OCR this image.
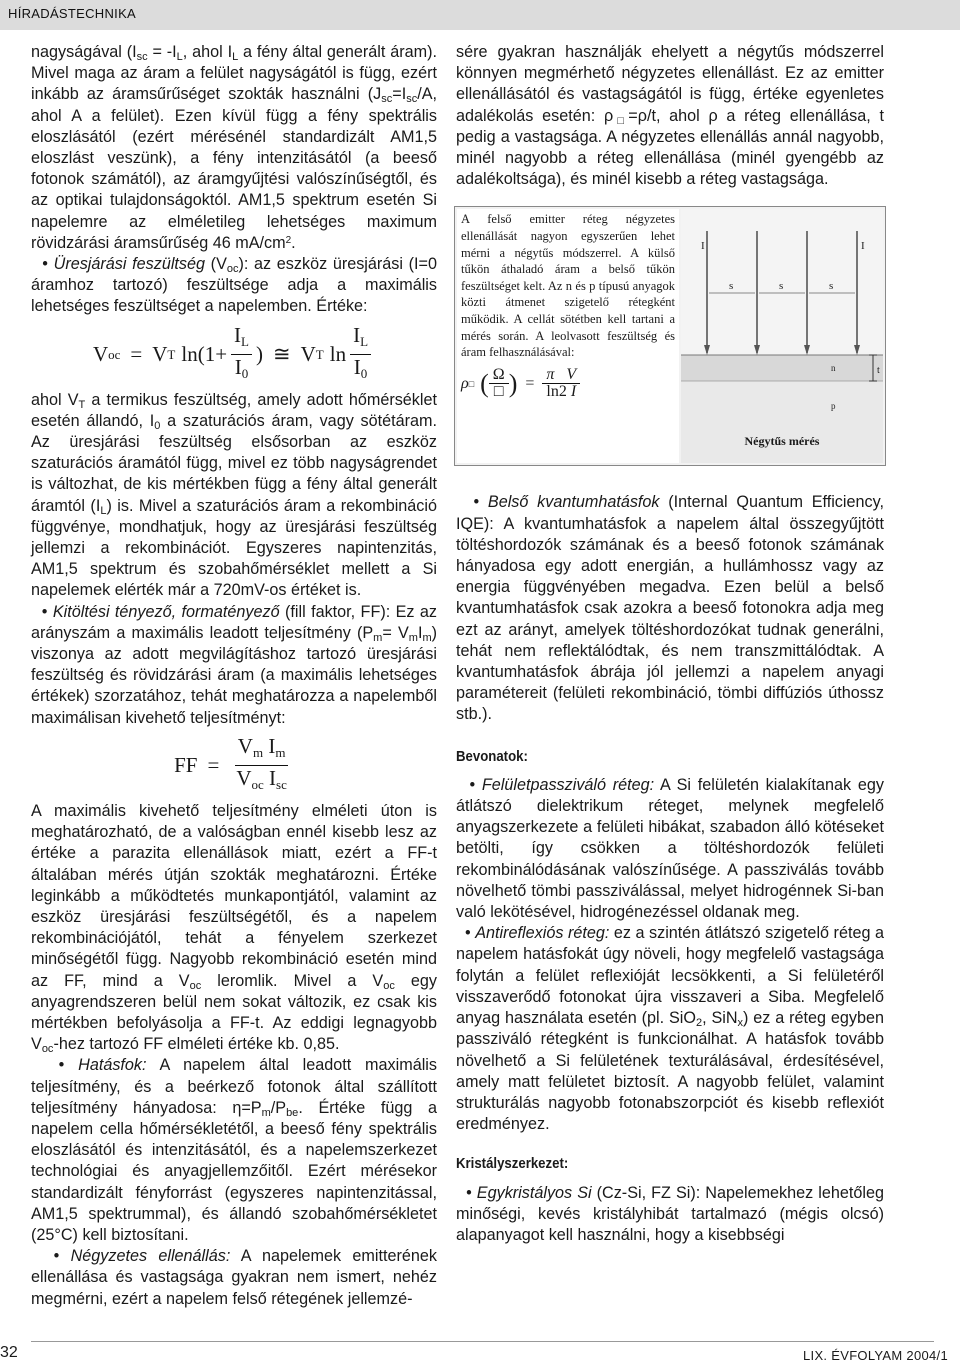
HÍRADÁSTECHNIKA

nagyságával ($I_{sc} = -I_L$, ahol $I_L$ a fény által generált áram). Mivel maga az áram a felület nagyságától is függ, ezért inkább az áramsűrűséget szokták használni ($J_{sc}=I_{sc}/A$, ahol A a felület). Ezen kívül függ a fény spektrális eloszlásától (ezért mérésénél standardizált AM1,5 eloszlást veszünk), a fény intenzitásától (a beeső fotonok számától), az áramgyűjtési valószínűségtől, és az optikai tulajdonságoktól. AM1,5 spektrum esetén Si napelemre az elméletileg lehetséges maximum rövidzárási áramsűrűség 46 $mA/cm^2$.

• Üresjárási feszültség $(V_{oc})$: az eszköz üresjárási (I=0 áramhoz tartozó) feszültsége adja a maximális lehetséges feszültséget a napelemben. Értéke:

V oc = V T $\ln(1+ \frac{IL}{I0}$ ) ≅ V T $\ln \frac{IL}{I0}$

ahol $V_T$ a termikus feszültség, amely adott hőmérséklet esetén állandó, $I_0$ a szaturációs áram, vagy sötétáram. Az üresjárási feszültség elsősorban az eszköz szaturációs áramától függ, mivel ez több nagyságrendet is változhat, de kis mértékben függ a fény által generált áramtól $(I_L)$ is. Mivel a szaturációs áram a rekombináció függvénye, mondhatjuk, hogy az üresjárási feszültség jellemzi a rekombinációt. Egyszeres napintenzitás, AM1,5 spektrum és szobahőmérséklet mellett a Si napelemek elérték már a 720mV-os értéket is.

• Kitöltési tényező, formatényező (fill faktor, FF): Ez az arányszám a maximális leadott teljesítmény $(P_m= V_mI_m)$ viszonya az adott megvilágításhoz tartozó üresjárási feszültség és rövidzárási áram (a maximális lehetséges értékek) szorzatához, tehát meghatározza a napelemből maximálisan kivehető teljesítményt:

FF = $\frac{\text{Vm Im}}{\text{Voc Isc}}$

A maximális kivehető teljesítmény elméleti úton is meghatározható, de a valóságban ennél kisebb lesz az értéke a parazita ellenállások miatt, ezért a FF-t általában mérés útján szokták meghatározni. Értéke leginkább a működtetés munkapontjától, valamint az eszköz üresjárási feszültségétől, és a napelem rekombinációjától, tehát a fényelem szerkezet minőségétől függ. Nagyobb rekombináció esetén mind az FF, mind a $V_{oc}$ leromlik. Mivel a $V_{oc}$ egy anyagrendszeren belül nem sokat változik, ez csak kis mértékben befolyásolja a FF-t. Az eddigi legnagyobb $V_{oc}$-hez tartozó FF elméleti értéke kb. 0,85.

• Hatásfok: A napelem által leadott maximális teljesítmény, és a beérkező fotonok által szállított teljesítmény hányadosa: $\eta=P_m/P_{be}$. Értéke függ a napelem cella hőmérsékletétől, a beeső fény spektrális eloszlásától és intenzitásától, és a napelemszerkezet technológiai és anyagjellemzőitől. Ezért mérésekor standardizált fényforrást (egyszeres napintenzitással, AM1,5 spektrummal), és állandó szobahőmérsékletet (25°C) kell biztosítani.

• Négyzetes ellenállás: A napelemek emitterének ellenállása és vastagsága gyakran nem ismert, nehéz megmérni, ezért a napelem felső rétegének jellemzé-

sére gyakran használják ehelyett a négytűs módszerrel könnyen megmérhető négyzetes ellenállást. Ez az emitter ellenállásától és vastagságától is függ, értéke egyenletes adalékolás esetén: $\rho_□=\rho/t$, ahol ρ a réteg ellenállása, t pedig a vastagsága. A négyzetes ellenállás annál nagyobb, minél nagyobb a réteg ellenállása (minél gyengébb az adalékoltsága), és minél kisebb a réteg vastagsága.

A felső emitter réteg négyzetes ellenállását nagyon egyszerűen lehet mérni a négytűs módszerrel. A külső tűkön áthaladó áram a belső tűkön feszültséget kelt. Az n és p típusú anyagok közti átmenet szigetelő rétegként működik. A cellát sötétben kell tartani a mérés során. A leolvasott feszültség és áram felhasználásával:
ρ □ ( Ω
□ ) = $\frac{\text{π V}}{\ln 2 I}$
I
s	s	s
I
n
p
t
Négytűs mérés

• Belső kvantumhatásfok (Internal Quantum Efficiency, IQE): A kvantumhatásfok a napelem által összegyűjtött töltéshordozók számának és a beeső fotonok számának hányadosa egy adott energián, a hullámhossz vagy az energia függvényében megadva. Ezen belül a belső kvantumhatásfok csak azokra a beeső fotonokra adja meg ezt az arányt, amelyek töltéshordozókat tudnak generálni, tehát nem reflektálódtak, és nem transzmittálódtak. A kvantumhatásfok ábrája jól jellemzi a napelem anyagi paramétereit (felületi rekombináció, tömbi diffúziós úthossz stb.).

Bevonatok:

• Felületpassziváló réteg: A Si felületén kialakítanak egy átlátszó dielektrikum réteget, melynek megfelelő anyagszerkezete a felületi hibákat, szabadon álló kötéseket betölti, így csökken a töltéshordozók felületi rekombinálódásának valószínűsége. A passziválás tovább növelhető tömbi passziválással, melyet hidrogénnek Si-ban való lekötésével, hidrogénezéssel oldanak meg.

• Antireflexiós réteg: ez a szintén átlátszó szigetelő réteg a napelem hatásfokát úgy növeli, hogy megfelelő vastagsága folytán a felület reflexióját lecsökkenti, a Si felületéről visszaverődő fotonokat újra visszaveri a Siba. Megfelelő anyag használata esetén (pl. SiO$_2$, SiN$_x$) ez a réteg egyben passziváló rétegként is funkcionálhat. A hatásfok tovább növelhető a Si felületének texturálásával, érdesítésével, amely matt felületet biztosít. A nagyobb felület, valamint strukturálás nagyobb fotonabszorpciót és kisebb reflexiót eredményez.

Kristályszerkezet:

• Egykristályos Si (Cz-Si, FZ Si): Napelemekhez lehetőleg minőségi, kevés kristályhibát tartalmazó (mégis olcsó) alapanyagot kell használni, hogy a kisebbségi

32	LIX. ÉVFOLYAM 2004/1
